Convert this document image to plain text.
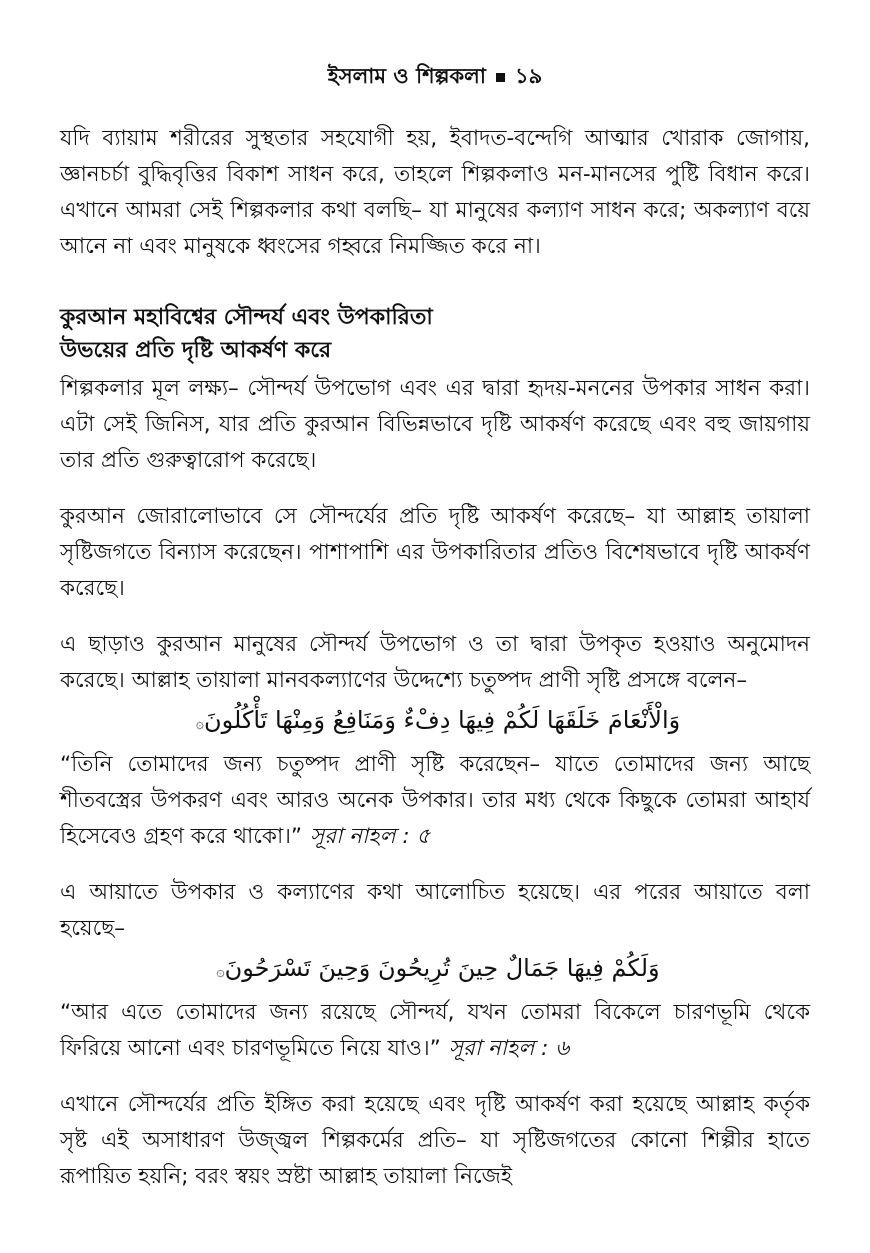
ইসলাম ও শিল্পকলা ১৯

যদি ব্যায়াম শরীরের সুস্থতার সহযোগী হয়, ইবাদত-বন্দেগি আত্মার খোরাক জোগায়, জ্ঞানচর্চা বুদ্ধিবৃত্তির বিকাশ সাধন করে, তাহলে শিল্পকলাও মন-মানসের পুষ্টি বিধান করে। এখানে আমরা সেই শিল্পকলার কথা বলছি– যা মানুষের কল্যাণ সাধন করে; অকল্যাণ বয়ে আনে না এবং মানুষকে ধ্বংসের গহ্বরে নিমজ্জিত করে না।

কুরআন মহাবিশ্বের সৌন্দর্য এবং উপকারিতা
উভয়ের প্রতি দৃষ্টি আকর্ষণ করে

শিল্পকলার মূল লক্ষ্য– সৌন্দর্য উপভোগ এবং এর দ্বারা হৃদয়-মননের উপকার সাধন করা। এটা সেই জিনিস, যার প্রতি কুরআন বিভিন্নভাবে দৃষ্টি আকর্ষণ করেছে এবং বহু জায়গায় তার প্রতি গুরুত্বারোপ করেছে।

কুরআন জোরালোভাবে সে সৌন্দর্যের প্রতি দৃষ্টি আকর্ষণ করেছে– যা আল্লাহ তায়ালা সৃষ্টিজগতে বিন্যাস করেছেন। পাশাপাশি এর উপকারিতার প্রতিও বিশেষভাবে দৃষ্টি আকর্ষণ করেছে।

এ ছাড়াও কুরআন মানুষের সৌন্দর্য উপভোগ ও তা দ্বারা উপকৃত হওয়াও অনুমোদন করেছে। আল্লাহ তায়ালা মানবকল্যাণের উদ্দেশ্যে চতুষ্পদ প্রাণী সৃষ্টি প্রসঙ্গে বলেন–

وَالْأَنْعَامَ خَلَقَهَا لَكُمْ فِيهَا دِفْءٌ وَمَنَافِعُ وَمِنْهَا تَأْكُلُونَ۞

“তিনি তোমাদের জন্য চতুষ্পদ প্রাণী সৃষ্টি করেছেন– যাতে তোমাদের জন্য আছে শীতবস্ত্রের উপকরণ এবং আরও অনেক উপকার। তার মধ্য থেকে কিছুকে তোমরা আহার্য হিসেবেও গ্রহণ করে থাকো।” সূরা নাহল : ৫

এ আয়াতে উপকার ও কল্যাণের কথা আলোচিত হয়েছে। এর পরের আয়াতে বলা হয়েছে–

وَلَكُمْ فِيهَا جَمَالٌ حِينَ تُرِيحُونَ وَحِينَ تَسْرَحُونَ۞

“আর এতে তোমাদের জন্য রয়েছে সৌন্দর্য, যখন তোমরা বিকেলে চারণভূমি থেকে ফিরিয়ে আনো এবং চারণভূমিতে নিয়ে যাও।” সূরা নাহল : ৬

এখানে সৌন্দর্যের প্রতি ইঙ্গিত করা হয়েছে এবং দৃষ্টি আকর্ষণ করা হয়েছে আল্লাহ কর্তৃক সৃষ্ট এই অসাধারণ উজ্জ্বল শিল্পকর্মের প্রতি– যা সৃষ্টিজগতের কোনো শিল্পীর হাতে রূপায়িত হয়নি; বরং স্বয়ং স্রষ্টা আল্লাহ তায়ালা নিজেই
